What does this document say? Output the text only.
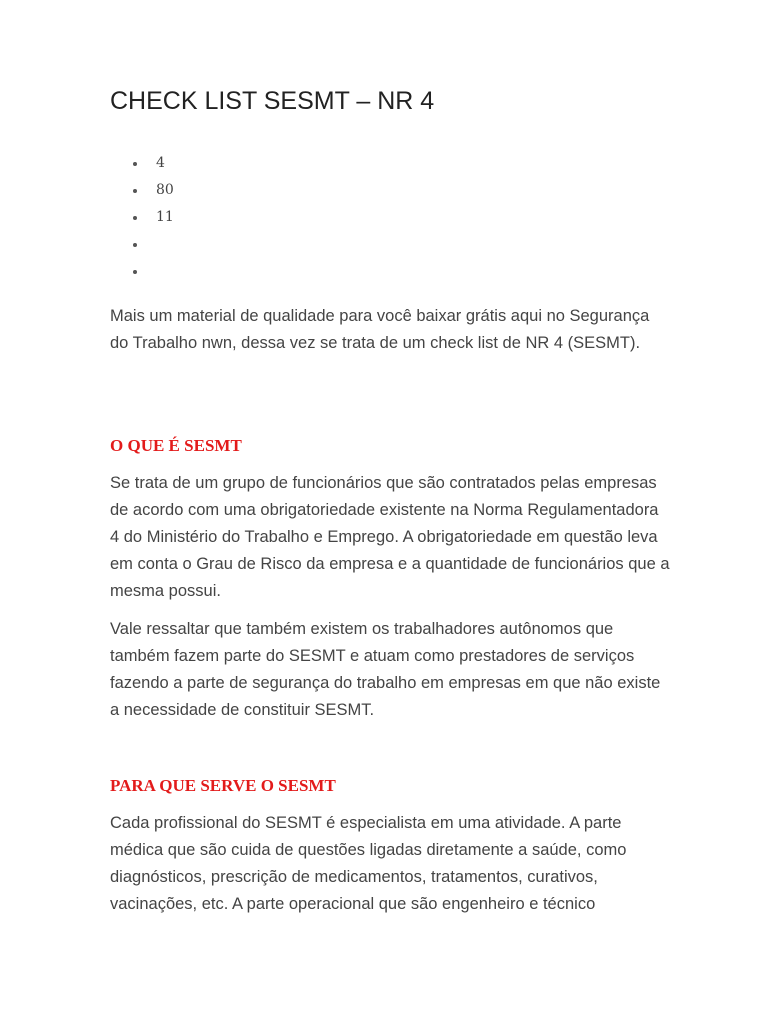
CHECK LIST SESMT – NR 4
4
80
11

Mais um material de qualidade para você baixar grátis aqui no Segurança do Trabalho nwn, dessa vez se trata de um check list de NR 4 (SESMT).

O QUE É SESMT

Se trata de um grupo de funcionários que são contratados pelas empresas de acordo com uma obrigatoriedade existente na Norma Regulamentadora 4 do Ministério do Trabalho e Emprego. A obrigatoriedade em questão leva em conta o Grau de Risco da empresa e a quantidade de funcionários que a mesma possui.

Vale ressaltar que também existem os trabalhadores autônomos que também fazem parte do SESMT e atuam como prestadores de serviços fazendo a parte de segurança do trabalho em empresas em que não existe a necessidade de constituir SESMT.

PARA QUE SERVE O SESMT

Cada profissional do SESMT é especialista em uma atividade. A parte médica que são cuida de questões ligadas diretamente a saúde, como diagnósticos, prescrição de medicamentos, tratamentos, curativos, vacinações, etc. A parte operacional que são engenheiro e técnico
